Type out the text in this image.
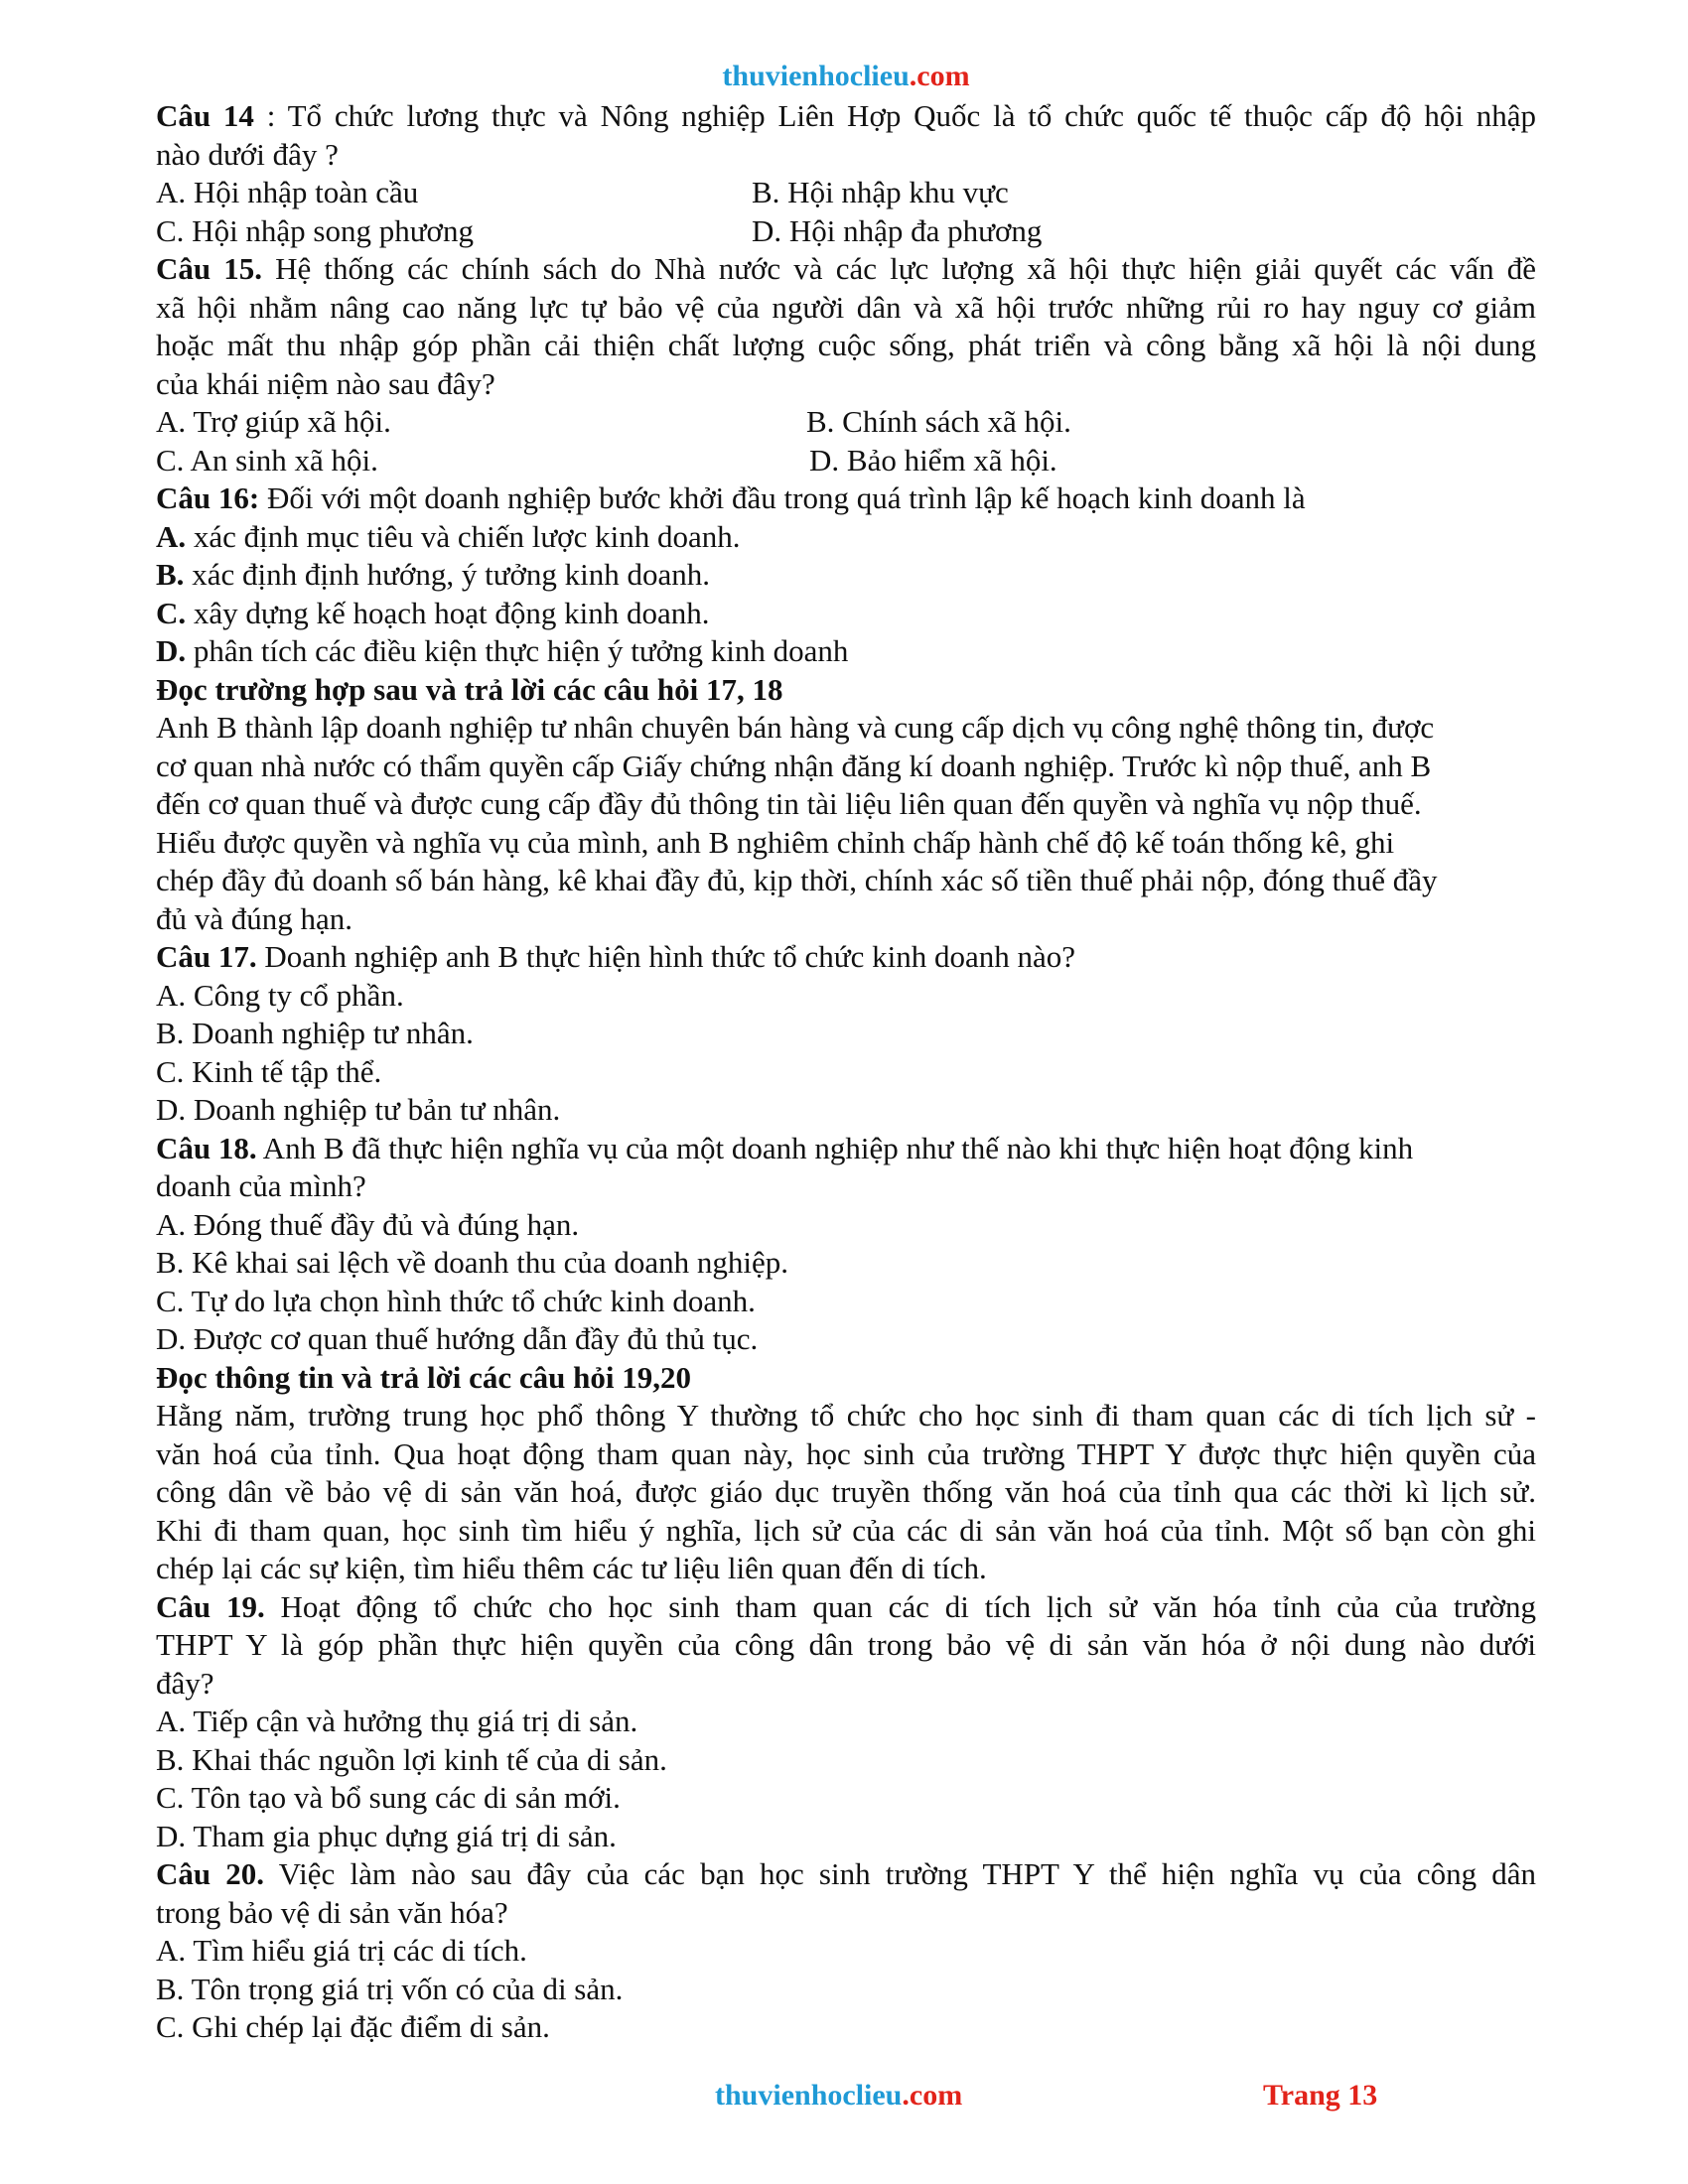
thuvienhoclieu.com
Câu 14 : Tổ chức lương thực và Nông nghiệp Liên Hợp Quốc là tổ chức quốc tế thuộc cấp độ hội nhập
nào dưới đây ?
A. Hội nhập toàn cầu	B. Hội nhập khu vực
C. Hội nhập song phương	D. Hội nhập đa phương
Câu 15. Hệ thống các chính sách do Nhà nước và các lực lượng xã hội thực hiện giải quyết các vấn đề
xã hội nhằm nâng cao năng lực tự bảo vệ của người dân và xã hội trước những rủi ro hay nguy cơ giảm
hoặc mất thu nhập góp phần cải thiện chất lượng cuộc sống, phát triển và công bằng xã hội là nội dung
của khái niệm nào sau đây?
A. Trợ giúp xã hội.	B. Chính sách xã hội.
C. An sinh xã hội.	D. Bảo hiểm xã hội.
Câu 16: Đối với một doanh nghiệp bước khởi đầu trong quá trình lập kế hoạch kinh doanh là
A. xác định mục tiêu và chiến lược kinh doanh.
B. xác định định hướng, ý tưởng kinh doanh.
C. xây dựng kế hoạch hoạt động kinh doanh.
D. phân tích các điều kiện thực hiện ý tưởng kinh doanh
Đọc trường hợp sau và trả lời các câu hỏi 17, 18
Anh B thành lập doanh nghiệp tư nhân chuyên bán hàng và cung cấp dịch vụ công nghệ thông tin, được
cơ quan nhà nước có thẩm quyền cấp Giấy chứng nhận đăng kí doanh nghiệp. Trước kì nộp thuế, anh B
đến cơ quan thuế và được cung cấp đầy đủ thông tin tài liệu liên quan đến quyền và nghĩa vụ nộp thuế.
Hiểu được quyền và nghĩa vụ của mình, anh B nghiêm chỉnh chấp hành chế độ kế toán thống kê, ghi
chép đầy đủ doanh số bán hàng, kê khai đầy đủ, kịp thời, chính xác số tiền thuế phải nộp, đóng thuế đầy
đủ và đúng hạn.
Câu 17. Doanh nghiệp anh B thực hiện hình thức tổ chức kinh doanh nào?
A. Công ty cổ phần.
B. Doanh nghiệp tư nhân.
C. Kinh tế tập thể.
D. Doanh nghiệp tư bản tư nhân.
Câu 18. Anh B đã thực hiện nghĩa vụ của một doanh nghiệp như thế nào khi thực hiện hoạt động kinh
doanh của mình?
A. Đóng thuế đầy đủ và đúng hạn.
B. Kê khai sai lệch về doanh thu của doanh nghiệp.
C. Tự do lựa chọn hình thức tổ chức kinh doanh.
D. Được cơ quan thuế hướng dẫn đầy đủ thủ tục.
Đọc thông tin và trả lời các câu hỏi 19,20
Hằng năm, trường trung học phổ thông Y thường tổ chức cho học sinh đi tham quan các di tích lịch sử -
văn hoá của tỉnh. Qua hoạt động tham quan này, học sinh của trường THPT Y được thực hiện quyền của
công dân về bảo vệ di sản văn hoá, được giáo dục truyền thống văn hoá của tỉnh qua các thời kì lịch sử.
Khi đi tham quan, học sinh tìm hiểu ý nghĩa, lịch sử của các di sản văn hoá của tỉnh. Một số bạn còn ghi
chép lại các sự kiện, tìm hiểu thêm các tư liệu liên quan đến di tích.
Câu 19. Hoạt động tổ chức cho học sinh tham quan các di tích lịch sử văn hóa tỉnh của của trường
THPT Y là góp phần thực hiện quyền của công dân trong bảo vệ di sản văn hóa ở nội dung nào dưới
đây?
A. Tiếp cận và hưởng thụ giá trị di sản.
B. Khai thác nguồn lợi kinh tế của di sản.
C. Tôn tạo và bổ sung các di sản mới.
D. Tham gia phục dựng giá trị di sản.
Câu 20. Việc làm nào sau đây của các bạn học sinh trường THPT Y thể hiện nghĩa vụ của công dân
trong bảo vệ di sản văn hóa?
A. Tìm hiểu giá trị các di tích.
B. Tôn trọng giá trị vốn có của di sản.
C. Ghi chép lại đặc điểm di sản.
thuvienhoclieu.com	Trang 13
